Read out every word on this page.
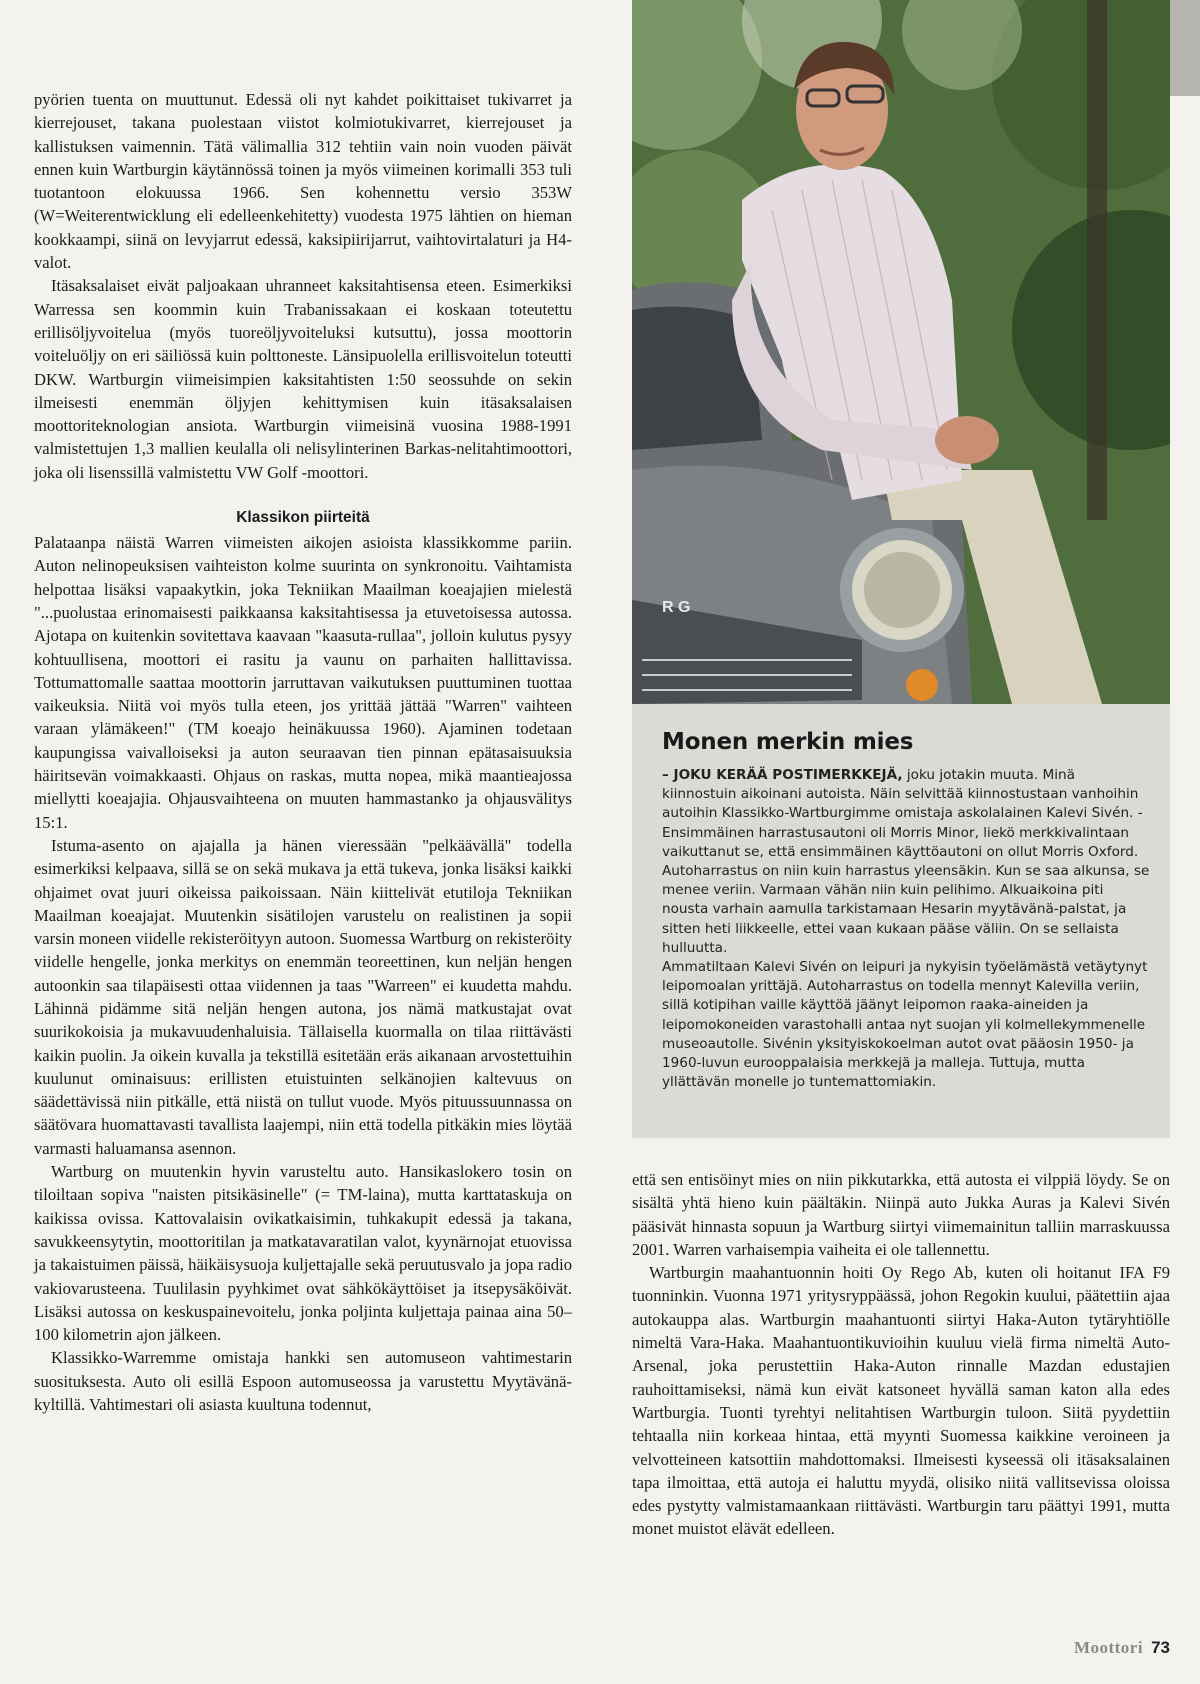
pyörien tuenta on muuttunut. Edessä oli nyt kahdet poikittaiset tukivarret ja kierrejouset, takana puolestaan viistot kolmiotukivarret, kierrejouset ja kallistuksen vaimennin. Tätä välimallia 312 tehtiin vain noin vuoden päivät ennen kuin Wartburgin käytännössä toinen ja myös viimeinen korimalli 353 tuli tuotantoon elokuussa 1966. Sen kohennettu versio 353W (W=Weiterentwicklung eli edelleenkehitetty) vuodesta 1975 lähtien on hieman kookkaampi, siinä on levyjarrut edessä, kaksipiirijarrut, vaihtovirtalaturi ja H4-valot.

Itäsaksalaiset eivät paljoakaan uhranneet kaksitahtisensa eteen. Esimerkiksi Warressa sen koommin kuin Trabanissakaan ei koskaan toteutettu erillisöljyvoitelua (myös tuoreöljyvoiteluksi kutsuttu), jossa moottorin voiteluöljy on eri säiliössä kuin polttoneste. Länsipuolella erillisvoitelun toteutti DKW. Wartburgin viimeisimpien kaksitahtisten 1:50 seossuhde on sekin ilmeisesti enemmän öljyjen kehittymisen kuin itäsaksalaisen moottoriteknologian ansiota. Wartburgin viimeisinä vuosina 1988-1991 valmistettujen 1,3 mallien keulalla oli nelisylinterinen Barkas-nelitahtimoottori, joka oli lisenssillä valmistettu VW Golf -moottori.

Klassikon piirteitä

Palataanpa näistä Warren viimeisten aikojen asioista klassikkomme pariin. Auton nelinopeuksisen vaihteiston kolme suurinta on synkronoitu. Vaihtamista helpottaa lisäksi vapaakytkin, joka Tekniikan Maailman koeajajien mielestä "...puolustaa erinomaisesti paikkaansa kaksitahtisessa ja etuvetoisessa autossa. Ajotapa on kuitenkin sovitettava kaavaan "kaasuta-rullaa", jolloin kulutus pysyy kohtuullisena, moottori ei rasitu ja vaunu on parhaiten hallittavissa. Tottumattomalle saattaa moottorin jarruttavan vaikutuksen puuttuminen tuottaa vaikeuksia. Niitä voi myös tulla eteen, jos yrittää jättää "Warren" vaihteen varaan ylämäkeen!" (TM koeajo heinäkuussa 1960). Ajaminen todetaan kaupungissa vaivalloiseksi ja auton seuraavan tien pinnan epätasaisuuksia häiritsevän voimakkaasti. Ohjaus on raskas, mutta nopea, mikä maantieajossa miellytti koeajajia. Ohjausvaihteena on muuten hammastanko ja ohjausvälitys 15:1.

Istuma-asento on ajajalla ja hänen vieressään "pelkäävällä" todella esimerkiksi kelpaava, sillä se on sekä mukava ja että tukeva, jonka lisäksi kaikki ohjaimet ovat juuri oikeissa paikoissaan. Näin kiittelivät etutiloja Tekniikan Maailman koeajajat. Muutenkin sisätilojen varustelu on realistinen ja sopii varsin moneen viidelle rekisteröityyn autoon. Suomessa Wartburg on rekisteröity viidelle hengelle, jonka merkitys on enemmän teoreettinen, kun neljän hengen autoonkin saa tilapäisesti ottaa viidennen ja taas "Warreen" ei kuudetta mahdu. Lähinnä pidämme sitä neljän hengen autona, jos nämä matkustajat ovat suurikokoisia ja mukavuudenhaluisia. Tällaisella kuormalla on tilaa riittävästi kaikin puolin. Ja oikein kuvalla ja tekstillä esitetään eräs aikanaan arvostettuihin kuulunut ominaisuus: erillisten etuistuinten selkänojien kaltevuus on säädettävissä niin pitkälle, että niistä on tullut vuode. Myös pituussuunnassa on säätövara huomattavasti tavallista laajempi, niin että todella pitkäkin mies löytää varmasti haluamansa asennon.

Wartburg on muutenkin hyvin varusteltu auto. Hansikaslokero tosin on tiloiltaan sopiva "naisten pitsikäsinelle" (= TM-laina), mutta karttataskuja on kaikissa ovissa. Kattovalaisin ovikatkaisimin, tuhkakupit edessä ja takana, savukkeensytytin, moottoritilan ja matkatavaratilan valot, kyynärnojat etuovissa ja takaistuimen päissä, häikäisysuoja kuljettajalle sekä peruutusvalo ja jopa radio vakiovarusteena. Tuulilasin pyyhkimet ovat sähkökäyttöiset ja itsepysäköivät. Lisäksi autossa on keskuspainevoitelu, jonka poljinta kuljettaja painaa aina 50–100 kilometrin ajon jälkeen.

Klassikko-Warremme omistaja hankki sen automuseon vahtimestarin suosituksesta. Auto oli esillä Espoon automuseossa ja varustettu Myytävänä-kyltillä. Vahtimestari oli asiasta kuultuna todennut,

R G
Monen merkin mies
– JOKU KERÄÄ POSTIMERKKEJÄ, joku jotakin muuta. Minä kiinnostuin aikoinani autoista. Näin selvittää kiinnostustaan vanhoihin autoihin Klassikko-Wartburgimme omistaja askolalainen Kalevi Sivén. - Ensimmäinen harrastusautoni oli Morris Minor, liekö merkkivalintaan vaikuttanut se, että ensimmäinen käyttöautoni on ollut Morris Oxford. Autoharrastus on niin kuin harrastus yleensäkin. Kun se saa alkunsa, se menee veriin. Varmaan vähän niin kuin pelihimo. Alkuaikoina piti nousta varhain aamulla tarkistamaan Hesarin myytävänä-palstat, ja sitten heti liikkeelle, ettei vaan kukaan pääse väliin. On se sellaista hulluutta.
Ammatiltaan Kalevi Sivén on leipuri ja nykyisin työelämästä vetäytynyt leipomoalan yrittäjä. Autoharrastus on todella mennyt Kalevilla veriin, sillä kotipihan vaille käyttöä jäänyt leipomon raaka-aineiden ja leipomokoneiden varastohalli antaa nyt suojan yli kolmellekymmenelle museoautolle. Sivénin yksityiskokoelman autot ovat pääosin 1950- ja 1960-luvun eurooppalaisia merkkejä ja malleja. Tuttuja, mutta yllättävän monelle jo tuntemattomiakin.

että sen entisöinyt mies on niin pikkutarkka, että autosta ei vilppiä löydy. Se on sisältä yhtä hieno kuin päältäkin. Niinpä auto Jukka Auras ja Kalevi Sivén pääsivät hinnasta sopuun ja Wartburg siirtyi viimemainitun talliin marraskuussa 2001. Warren varhaisempia vaiheita ei ole tallennettu.

Wartburgin maahantuonnin hoiti Oy Rego Ab, kuten oli hoitanut IFA F9 tuonninkin. Vuonna 1971 yritysryppäässä, johon Regokin kuului, päätettiin ajaa autokauppa alas. Wartburgin maahantuonti siirtyi Haka-Auton tytäryhtiölle nimeltä Vara-Haka. Maahantuontikuvioihin kuuluu vielä firma nimeltä Auto-Arsenal, joka perustettiin Haka-Auton rinnalle Mazdan edustajien rauhoittamiseksi, nämä kun eivät katsoneet hyvällä saman katon alla edes Wartburgia. Tuonti tyrehtyi nelitahtisen Wartburgin tuloon. Siitä pyydettiin tehtaalla niin korkeaa hintaa, että myynti Suomessa kaikkine veroineen ja velvotteineen katsottiin mahdottomaksi. Ilmeisesti kyseessä oli itäsaksalainen tapa ilmoittaa, että autoja ei haluttu myydä, olisiko niitä vallitsevissa oloissa edes pystytty valmistamaankaan riittävästi. Wartburgin taru päättyi 1991, mutta monet muistot elävät edelleen.

Moottori 73
